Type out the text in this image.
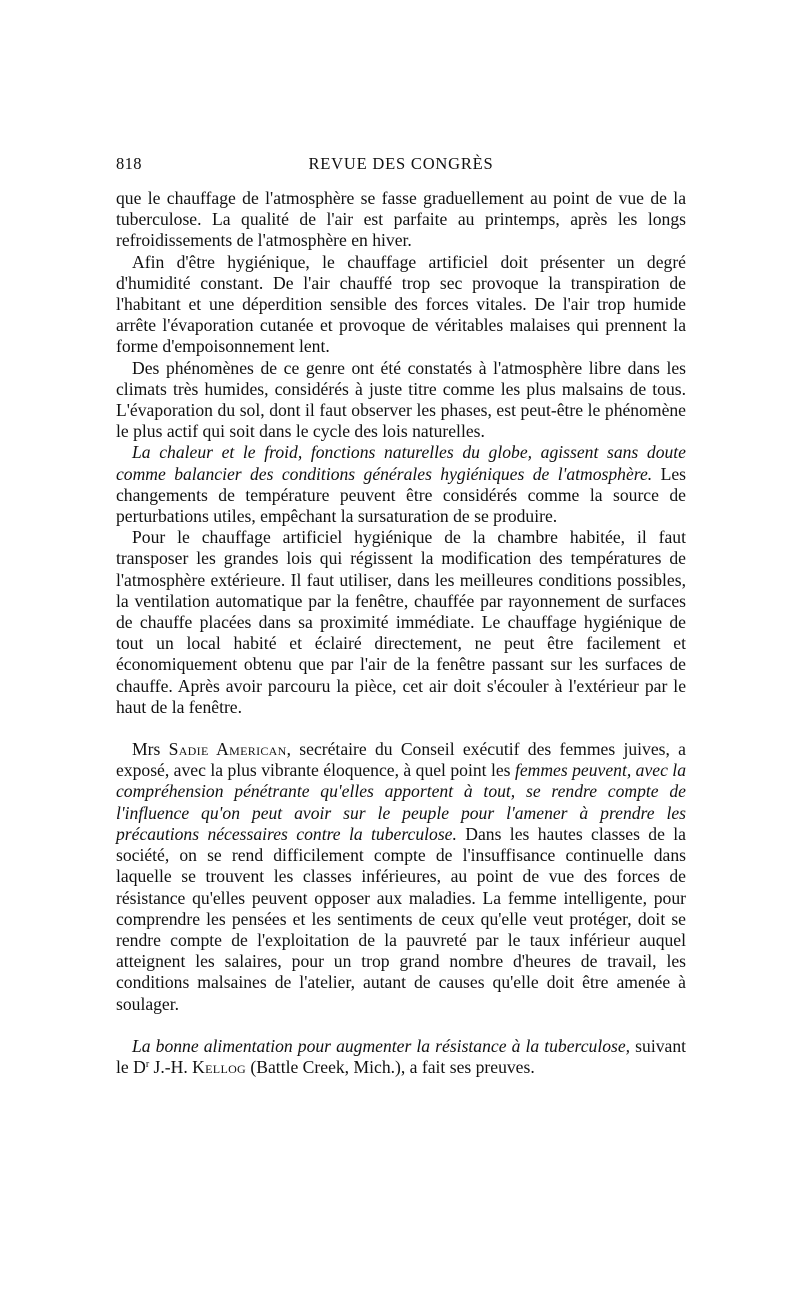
818	REVUE DES CONGRÈS

que le chauffage de l'atmosphère se fasse graduellement au point de vue de la tuberculose. La qualité de l'air est parfaite au printemps, après les longs refroidissements de l'atmosphère en hiver.

Afin d'être hygiénique, le chauffage artificiel doit présenter un degré d'humidité constant. De l'air chauffé trop sec provoque la transpiration de l'habitant et une déperdition sensible des forces vitales. De l'air trop humide arrête l'évaporation cutanée et provoque de véritables malaises qui prennent la forme d'empoisonnement lent.

Des phénomènes de ce genre ont été constatés à l'atmosphère libre dans les climats très humides, considérés à juste titre comme les plus malsains de tous. L'évaporation du sol, dont il faut observer les phases, est peut-être le phénomène le plus actif qui soit dans le cycle des lois naturelles.

La chaleur et le froid, fonctions naturelles du globe, agissent sans doute comme balancier des conditions générales hygiéniques de l'atmosphère. Les changements de température peuvent être considérés comme la source de perturbations utiles, empêchant la sursaturation de se produire.

Pour le chauffage artificiel hygiénique de la chambre habitée, il faut transposer les grandes lois qui régissent la modification des températures de l'atmosphère extérieure. Il faut utiliser, dans les meilleures conditions possibles, la ventilation automatique par la fenêtre, chauffée par rayonnement de surfaces de chauffe placées dans sa proximité immédiate. Le chauffage hygiénique de tout un local habité et éclairé directement, ne peut être facilement et économiquement obtenu que par l'air de la fenêtre passant sur les surfaces de chauffe. Après avoir parcouru la pièce, cet air doit s'écouler à l'extérieur par le haut de la fenêtre.

Mrs Sadie American, secrétaire du Conseil exécutif des femmes juives, a exposé, avec la plus vibrante éloquence, à quel point les femmes peuvent, avec la compréhension pénétrante qu'elles apportent à tout, se rendre compte de l'influence qu'on peut avoir sur le peuple pour l'amener à prendre les précautions nécessaires contre la tuberculose. Dans les hautes classes de la société, on se rend difficilement compte de l'insuffisance continuelle dans laquelle se trouvent les classes inférieures, au point de vue des forces de résistance qu'elles peuvent opposer aux maladies. La femme intelligente, pour comprendre les pensées et les sentiments de ceux qu'elle veut protéger, doit se rendre compte de l'exploitation de la pauvreté par le taux inférieur auquel atteignent les salaires, pour un trop grand nombre d'heures de travail, les conditions malsaines de l'atelier, autant de causes qu'elle doit être amenée à soulager.

La bonne alimentation pour augmenter la résistance à la tuberculose, suivant le $D^r$ J.-H. Kellog (Battle Creek, Mich.), a fait ses preuves.
